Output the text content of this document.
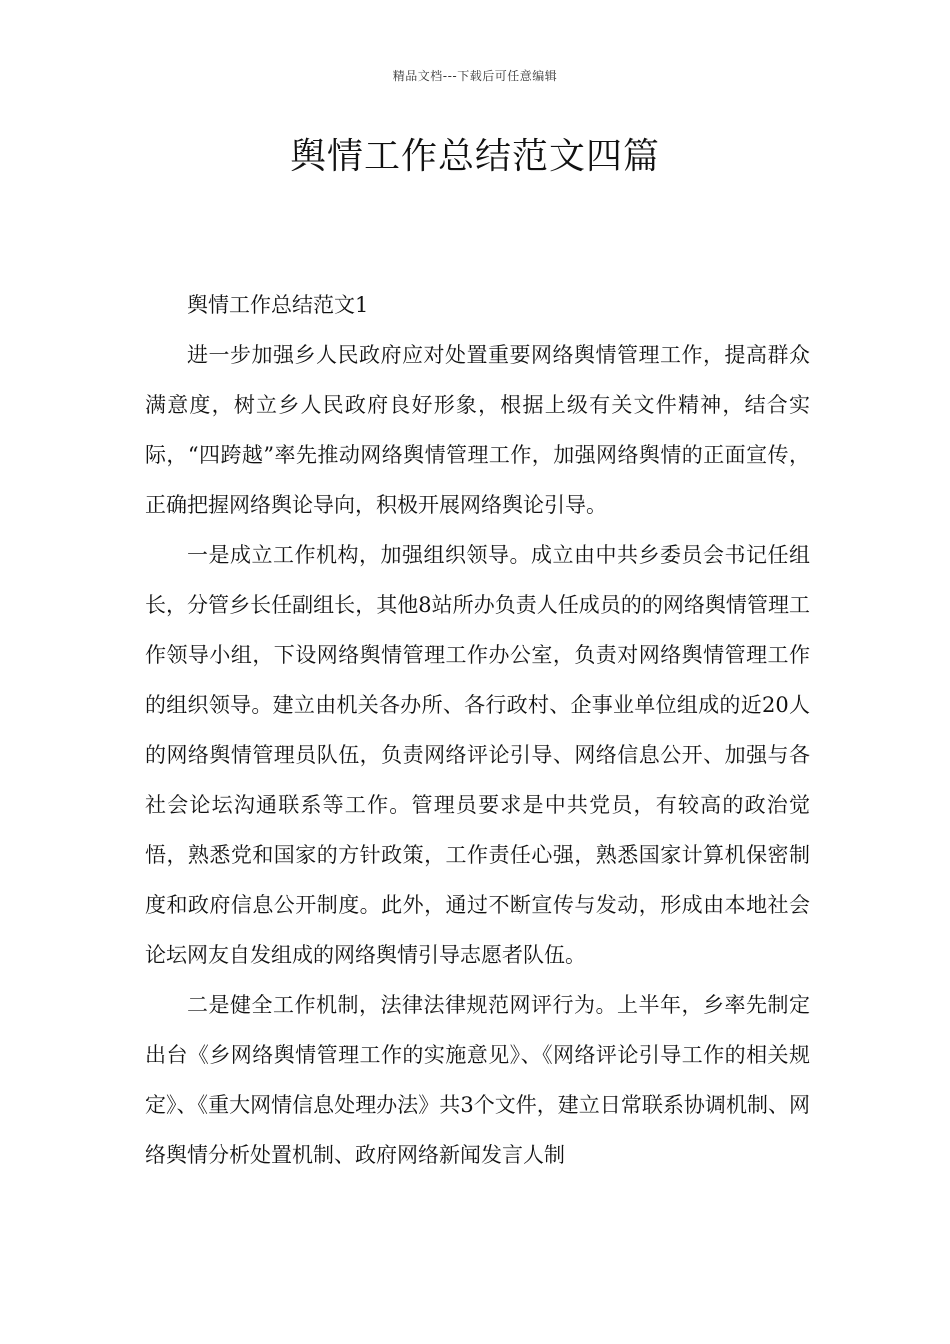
精品文档---下载后可任意编辑
舆情工作总结范文四篇

舆情工作总结范文1

进一步加强乡人民政府应对处置重要网络舆情管理工作，提高群众满意度，树立乡人民政府良好形象，根据上级有关文件精神，结合实际，“四跨越”率先推动网络舆情管理工作，加强网络舆情的正面宣传，正确把握网络舆论导向，积极开展网络舆论引导。

一是成立工作机构，加强组织领导。成立由中共乡委员会书记任组长，分管乡长任副组长，其他8站所办负责人任成员的的网络舆情管理工作领导小组，下设网络舆情管理工作办公室，负责对网络舆情管理工作的组织领导。建立由机关各办所、各行政村、企事业单位组成的近20人的网络舆情管理员队伍，负责网络评论引导、网络信息公开、加强与各社会论坛沟通联系等工作。管理员要求是中共党员，有较高的政治觉悟，熟悉党和国家的方针政策，工作责任心强，熟悉国家计算机保密制度和政府信息公开制度。此外，通过不断宣传与发动，形成由本地社会论坛网友自发组成的网络舆情引导志愿者队伍。

二是健全工作机制，法律法律规范网评行为。上半年，乡率先制定出台《乡网络舆情管理工作的实施意见》、《网络评论引导工作的相关规定》、《重大网情信息处理办法》共3个文件，建立日常联系协调机制、网络舆情分析处置机制、政府网络新闻发言人制
